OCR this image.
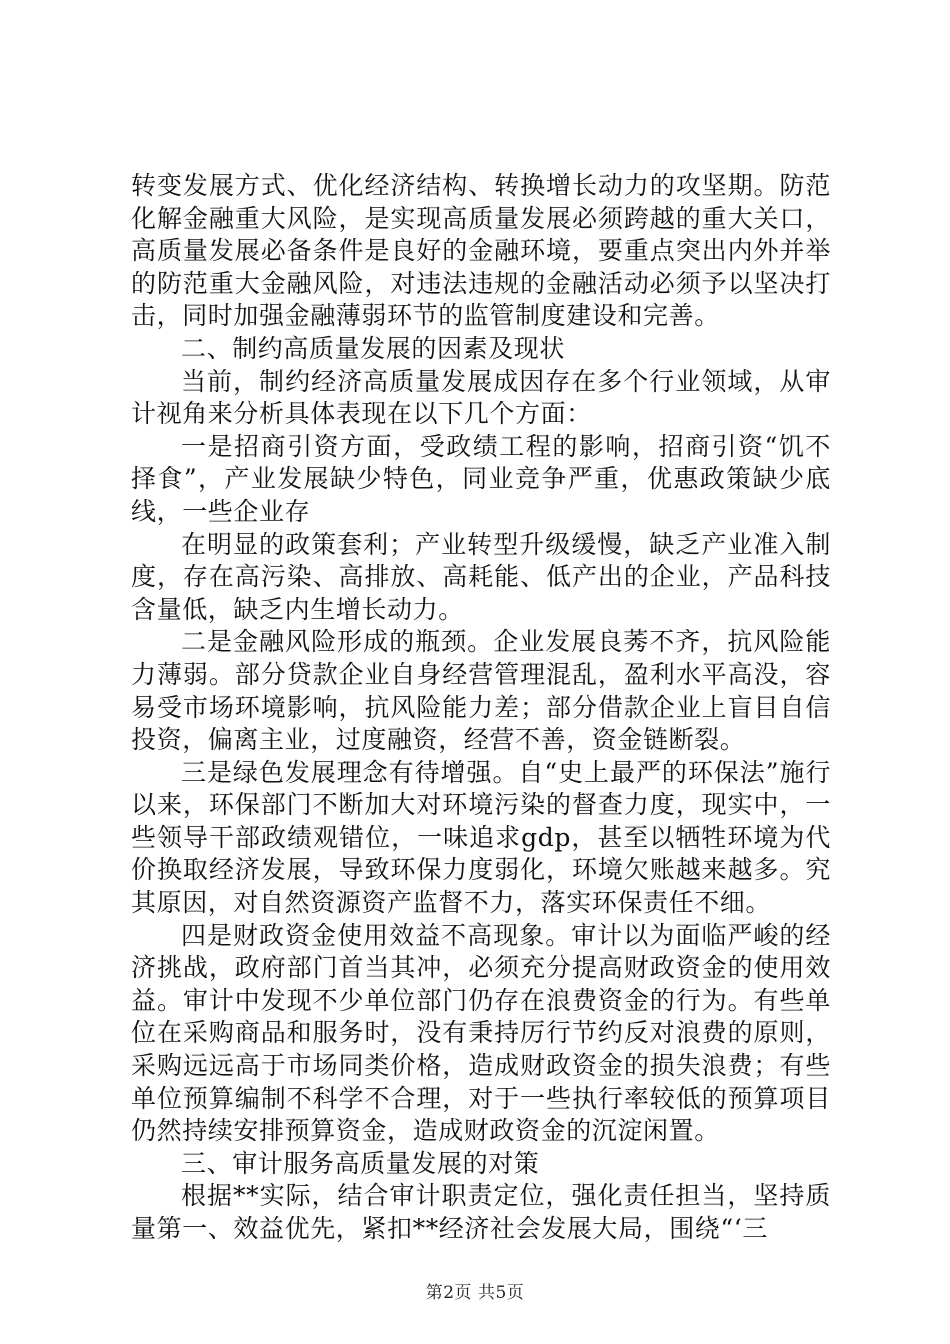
转变发展方式、优化经济结构、转换增长动力的攻坚期。防范化解金融重大风险，是实现高质量发展必须跨越的重大关口，高质量发展必备条件是良好的金融环境，要重点突出内外并举的防范重大金融风险，对违法违规的金融活动必须予以坚决打击，同时加强金融薄弱环节的监管制度建设和完善。

二、制约高质量发展的因素及现状

当前，制约经济高质量发展成因存在多个行业领域，从审计视角来分析具体表现在以下几个方面：

一是招商引资方面，受政绩工程的影响，招商引资“饥不择食”，产业发展缺少特色，同业竞争严重，优惠政策缺少底线，一些企业存

在明显的政策套利；产业转型升级缓慢，缺乏产业准入制度，存在高污染、高排放、高耗能、低产出的企业，产品科技含量低，缺乏内生增长动力。

二是金融风险形成的瓶颈。企业发展良莠不齐，抗风险能力薄弱。部分贷款企业自身经营管理混乱，盈利水平高没，容易受市场环境影响，抗风险能力差；部分借款企业上盲目自信投资，偏离主业，过度融资，经营不善，资金链断裂。

三是绿色发展理念有待增强。自“史上最严的环保法”施行以来，环保部门不断加大对环境污染的督查力度，现实中，一些领导干部政绩观错位，一味追求gdp，甚至以牺牲环境为代价换取经济发展，导致环保力度弱化，环境欠账越来越多。究其原因，对自然资源资产监督不力，落实环保责任不细。

四是财政资金使用效益不高现象。审计以为面临严峻的经济挑战，政府部门首当其冲，必须充分提高财政资金的使用效益。审计中发现不少单位部门仍存在浪费资金的行为。有些单位在采购商品和服务时，没有秉持厉行节约反对浪费的原则，采购远远高于市场同类价格，造成财政资金的损失浪费；有些单位预算编制不科学不合理，对于一些执行率较低的预算项目仍然持续安排预算资金，造成财政资金的沉淀闲置。

三、审计服务高质量发展的对策

根据**实际，结合审计职责定位，强化责任担当，坚持质量第一、效益优先，紧扣**经济社会发展大局，围绕“‘三

第2页 共5页
